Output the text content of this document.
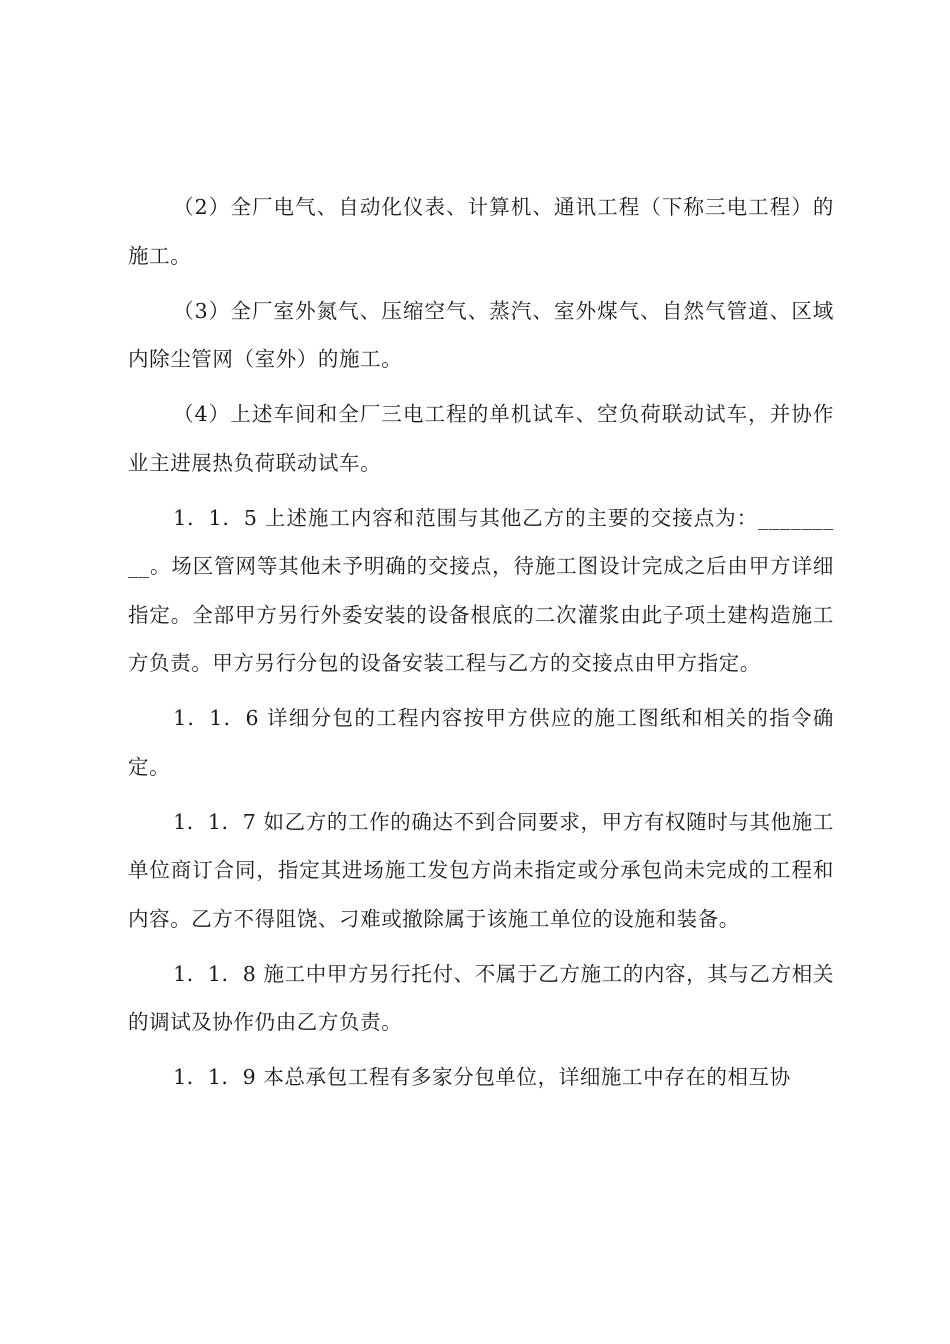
（2）全厂电气、自动化仪表、计算机、通讯工程（下称三电工程）的施工。

（3）全厂室外氮气、压缩空气、蒸汽、室外煤气、自然气管道、区域内除尘管网（室外）的施工。

（4）上述车间和全厂三电工程的单机试车、空负荷联动试车，并协作业主进展热负荷联动试车。

1．1．5 上述施工内容和范围与其他乙方的主要的交接点为：_________。场区管网等其他未予明确的交接点，待施工图设计完成之后由甲方详细指定。全部甲方另行外委安装的设备根底的二次灌浆由此子项土建构造施工方负责。甲方另行分包的设备安装工程与乙方的交接点由甲方指定。

1．1．6 详细分包的工程内容按甲方供应的施工图纸和相关的指令确定。

1．1．7 如乙方的工作的确达不到合同要求，甲方有权随时与其他施工单位商订合同，指定其进场施工发包方尚未指定或分承包尚未完成的工程和内容。乙方不得阻饶、刁难或撤除属于该施工单位的设施和装备。

1．1．8 施工中甲方另行托付、不属于乙方施工的内容，其与乙方相关的调试及协作仍由乙方负责。

1．1．9 本总承包工程有多家分包单位，详细施工中存在的相互协
